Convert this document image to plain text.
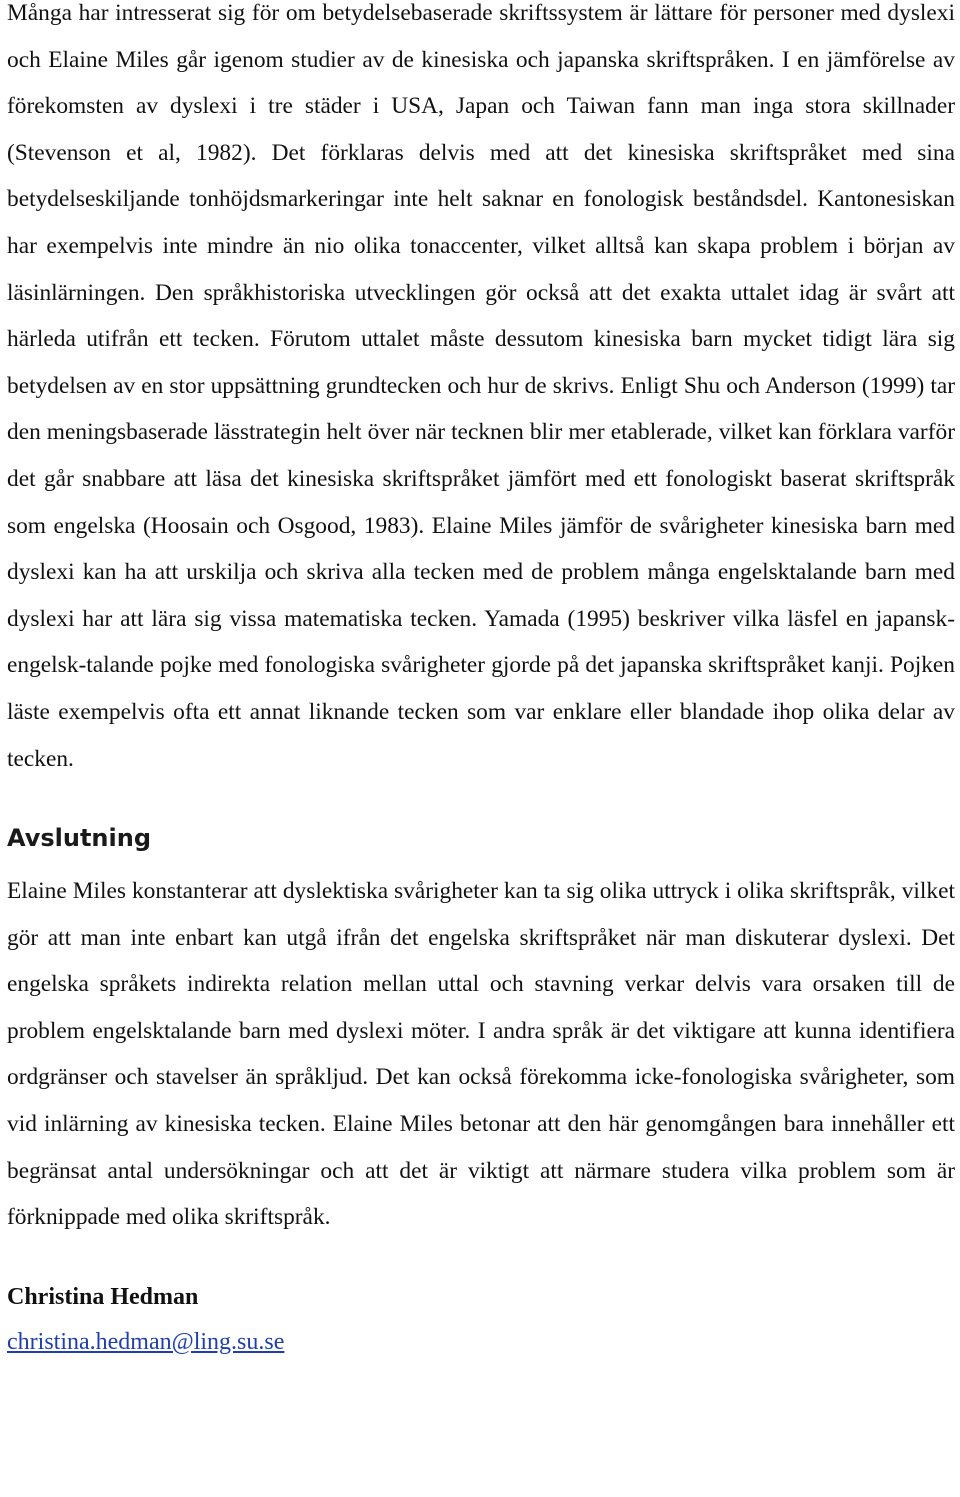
Många har intresserat sig för om betydelsebaserade skriftssystem är lättare för personer med dyslexi och Elaine Miles går igenom studier av de kinesiska och japanska skriftspråken. I en jämförelse av förekomsten av dyslexi i tre städer i USA, Japan och Taiwan fann man inga stora skillnader (Stevenson et al, 1982). Det förklaras delvis med att det kinesiska skriftspråket med sina betydelseskiljande tonhöjdsmarkeringar inte helt saknar en fonologisk beståndsdel. Kantonesiskan har exempelvis inte mindre än nio olika tonaccenter, vilket alltså kan skapa problem i början av läsinlärningen. Den språkhistoriska utvecklingen gör också att det exakta uttalet idag är svårt att härleda utifrån ett tecken. Förutom uttalet måste dessutom kinesiska barn mycket tidigt lära sig betydelsen av en stor uppsättning grundtecken och hur de skrivs. Enligt Shu och Anderson (1999) tar den meningsbaserade lässtrategin helt över när tecknen blir mer etablerade, vilket kan förklara varför det går snabbare att läsa det kinesiska skriftspråket jämfört med ett fonologiskt baserat skriftspråk som engelska (Hoosain och Osgood, 1983). Elaine Miles jämför de svårigheter kinesiska barn med dyslexi kan ha att urskilja och skriva alla tecken med de problem många engelsktalande barn med dyslexi har att lära sig vissa matematiska tecken. Yamada (1995) beskriver vilka läsfel en japansk-engelsk-talande pojke med fonologiska svårigheter gjorde på det japanska skriftspråket kanji. Pojken läste exempelvis ofta ett annat liknande tecken som var enklare eller blandade ihop olika delar av tecken.

Avslutning

Elaine Miles konstanterar att dyslektiska svårigheter kan ta sig olika uttryck i olika skriftspråk, vilket gör att man inte enbart kan utgå ifrån det engelska skriftspråket när man diskuterar dyslexi. Det engelska språkets indirekta relation mellan uttal och stavning verkar delvis vara orsaken till de problem engelsktalande barn med dyslexi möter. I andra språk är det viktigare att kunna identifiera ordgränser och stavelser än språkljud. Det kan också förekomma icke-fonologiska svårigheter, som vid inlärning av kinesiska tecken. Elaine Miles betonar att den här genomgången bara innehåller ett begränsat antal undersökningar och att det är viktigt att närmare studera vilka problem som är förknippade med olika skriftspråk.

Christina Hedman
christina.hedman@ling.su.se
